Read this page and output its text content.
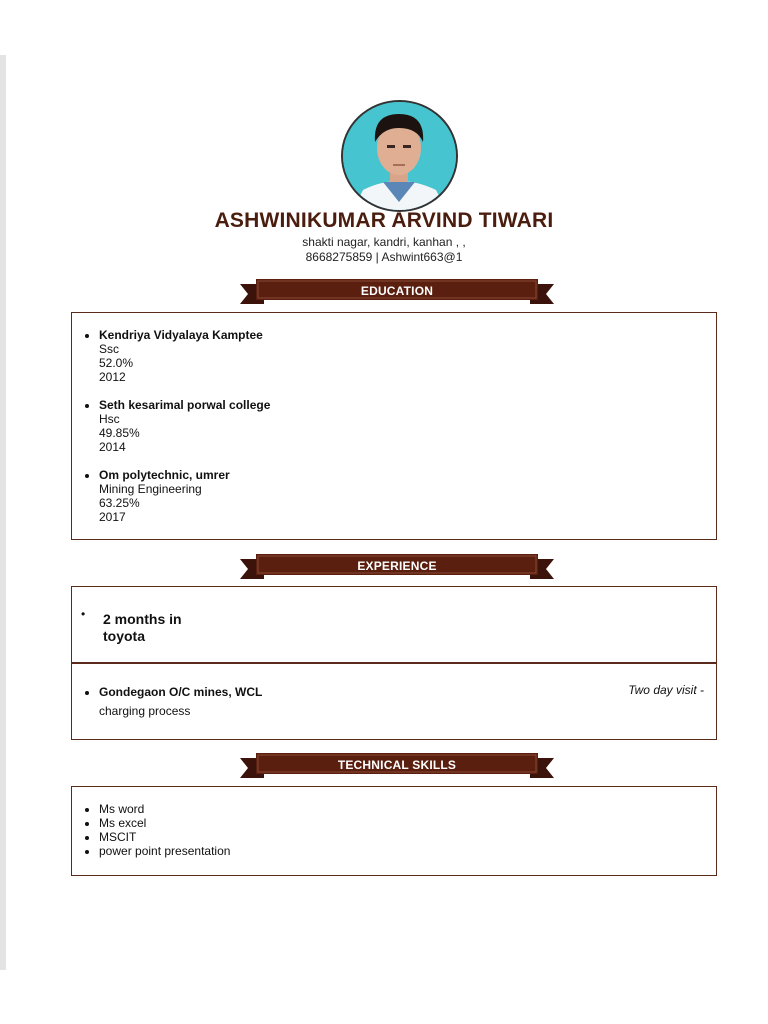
ASHWINIKUMAR ARVIND TIWARI
shakti nagar, kandri, kanhan , ,
8668275859 | Ashwint663@1
EDUCATION
• Kendriya Vidyalaya Kamptee
Ssc
52.0%
2012
• Seth kesarimal porwal college
Hsc
49.85%
2014
• Om polytechnic, umrer
Mining Engineering
63.25%
2017
EXPERIENCE
• 2 months in
toyota
• Gondegaon O/C mines, WCL
charging process
Two day visit -
TECHNICAL SKILLS
• Ms word
• Ms excel
• MSCIT
• power point presentation
